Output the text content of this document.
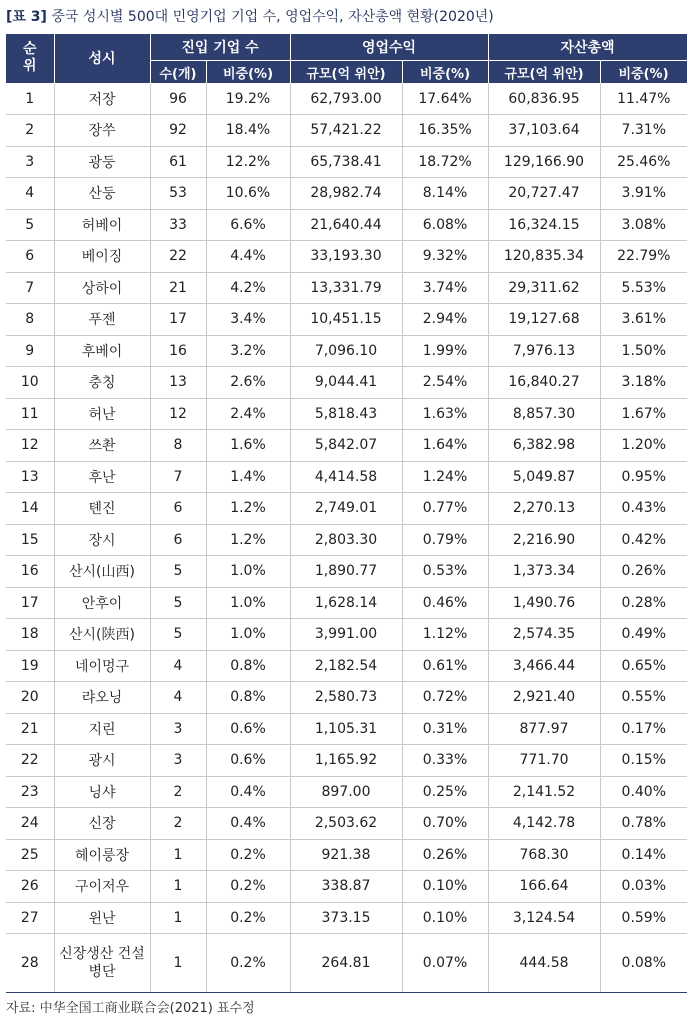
[표 3] 중국 성시별 500대 민영기업 기업 수, 영업수익, 자산총액 현황(2020년)
순위	성시	진입 기업 수		영업수익		자산총액	
		수(개)	비중(%)	규모(억 위안)	비중(%)	규모(억 위안)	비중(%)
1	저장	96	19.2%	62,793.00	17.64%	60,836.95	11.47%
2	장쑤	92	18.4%	57,421.22	16.35%	37,103.64	7.31%
3	광둥	61	12.2%	65,738.41	18.72%	129,166.90	25.46%
4	산둥	53	10.6%	28,982.74	8.14%	20,727.47	3.91%
5	허베이	33	6.6%	21,640.44	6.08%	16,324.15	3.08%
6	베이징	22	4.4%	33,193.30	9.32%	120,835.34	22.79%
7	상하이	21	4.2%	13,331.79	3.74%	29,311.62	5.53%
8	푸젠	17	3.4%	10,451.15	2.94%	19,127.68	3.61%
9	후베이	16	3.2%	7,096.10	1.99%	7,976.13	1.50%
10	충칭	13	2.6%	9,044.41	2.54%	16,840.27	3.18%
11	허난	12	2.4%	5,818.43	1.63%	8,857.30	1.67%
12	쓰촨	8	1.6%	5,842.07	1.64%	6,382.98	1.20%
13	후난	7	1.4%	4,414.58	1.24%	5,049.87	0.95%
14	톈진	6	1.2%	2,749.01	0.77%	2,270.13	0.43%
15	장시	6	1.2%	2,803.30	0.79%	2,216.90	0.42%
16	산시(山西)	5	1.0%	1,890.77	0.53%	1,373.34	0.26%
17	안후이	5	1.0%	1,628.14	0.46%	1,490.76	0.28%
18	산시(陕西)	5	1.0%	3,991.00	1.12%	2,574.35	0.49%
19	네이멍구	4	0.8%	2,182.54	0.61%	3,466.44	0.65%
20	랴오닝	4	0.8%	2,580.73	0.72%	2,921.40	0.55%
21	지린	3	0.6%	1,105.31	0.31%	877.97	0.17%
22	광시	3	0.6%	1,165.92	0.33%	771.70	0.15%
23	닝샤	2	0.4%	897.00	0.25%	2,141.52	0.40%
24	신장	2	0.4%	2,503.62	0.70%	4,142.78	0.78%
25	헤이룽장	1	0.2%	921.38	0.26%	768.30	0.14%
26	구이저우	1	0.2%	338.87	0.10%	166.64	0.03%
27	윈난	1	0.2%	373.15	0.10%	3,124.54	0.59%
28	신장생산 건설병단	1	0.2%	264.81	0.07%	444.58	0.08%
자료: 中华全国工商业联合会(2021) 표수정
